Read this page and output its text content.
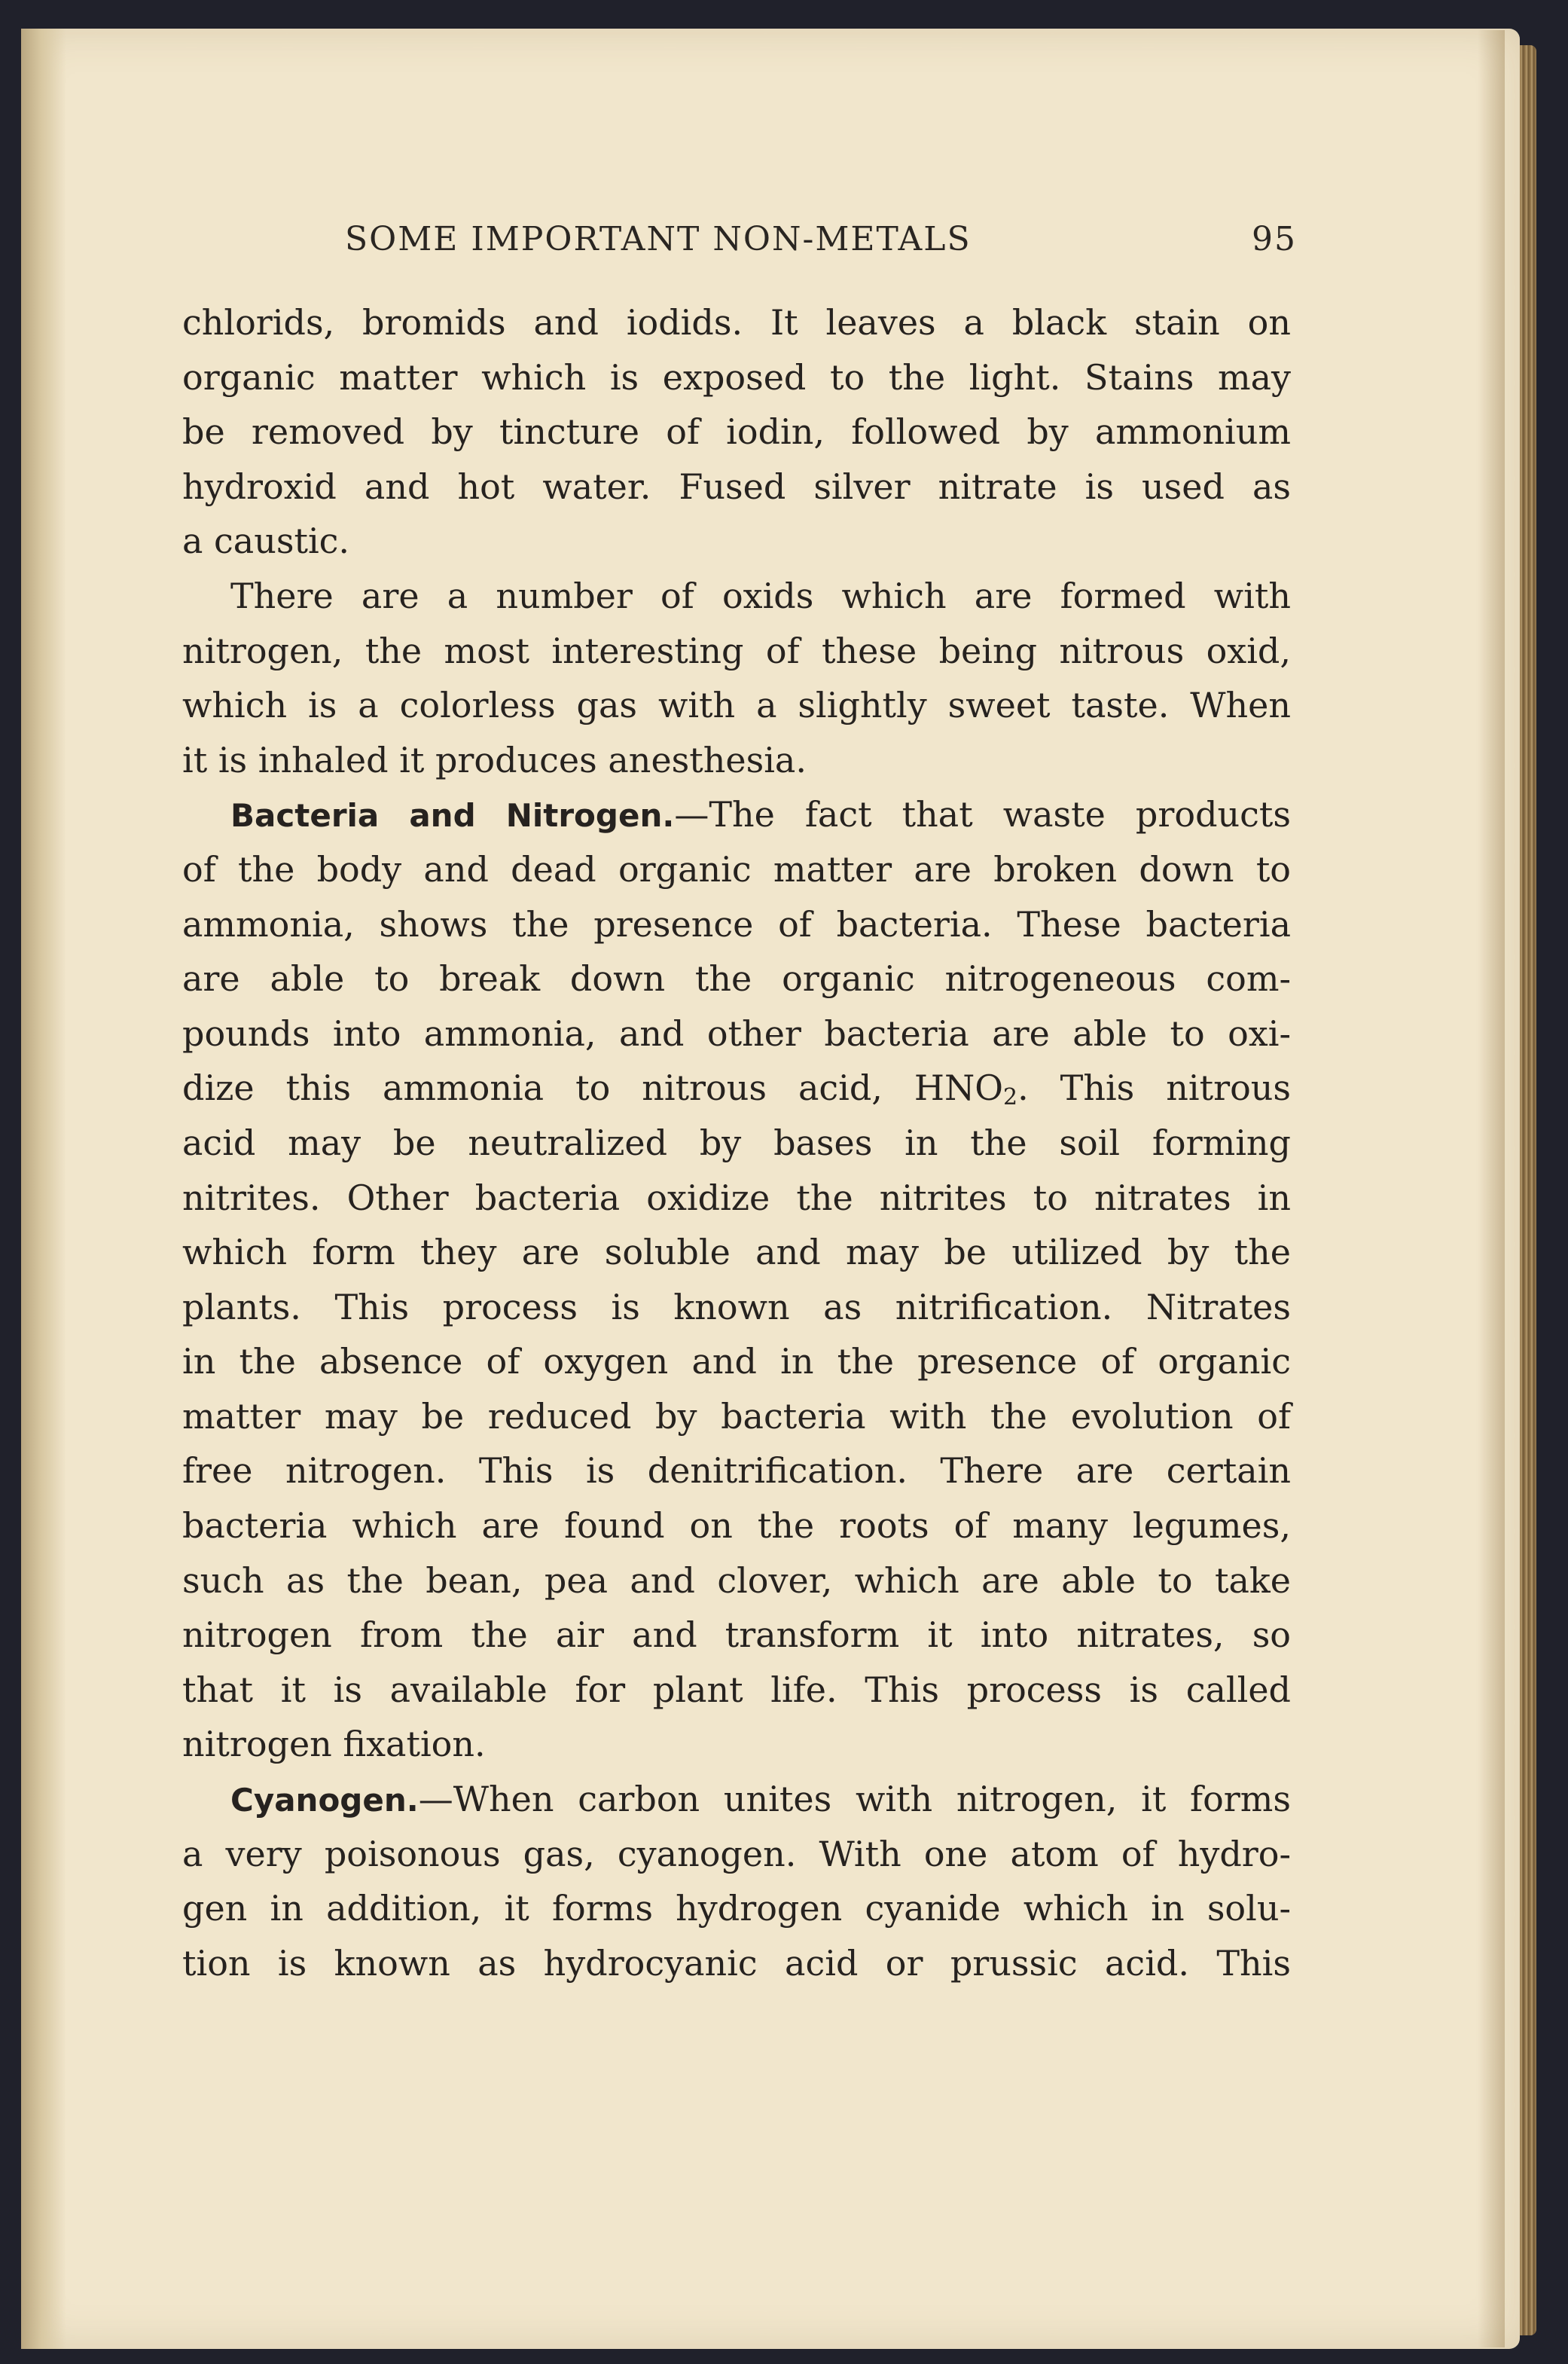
SOME IMPORTANT NON-METALS	95
chlorids, bromids and iodids. It leaves a black stain on
organic matter which is exposed to the light. Stains may
be removed by tincture of iodin, followed by ammonium
hydroxid and hot water. Fused silver nitrate is used as
a caustic.
There are a number of oxids which are formed with
nitrogen, the most interesting of these being nitrous oxid,
which is a colorless gas with a slightly sweet taste. When
it is inhaled it produces anesthesia.
Bacteria and Nitrogen.—The fact that waste products
of the body and dead organic matter are broken down to
ammonia, shows the presence of bacteria. These bacteria
are able to break down the organic nitrogeneous com-
pounds into ammonia, and other bacteria are able to oxi-
dize this ammonia to nitrous acid, $HNO_2$. This nitrous
acid may be neutralized by bases in the soil forming
nitrites. Other bacteria oxidize the nitrites to nitrates in
which form they are soluble and may be utilized by the
plants. This process is known as nitrification. Nitrates
in the absence of oxygen and in the presence of organic
matter may be reduced by bacteria with the evolution of
free nitrogen. This is denitrification. There are certain
bacteria which are found on the roots of many legumes,
such as the bean, pea and clover, which are able to take
nitrogen from the air and transform it into nitrates, so
that it is available for plant life. This process is called
nitrogen fixation.
Cyanogen.—When carbon unites with nitrogen, it forms
a very poisonous gas, cyanogen. With one atom of hydro-
gen in addition, it forms hydrogen cyanide which in solu-
tion is known as hydrocyanic acid or prussic acid. This
